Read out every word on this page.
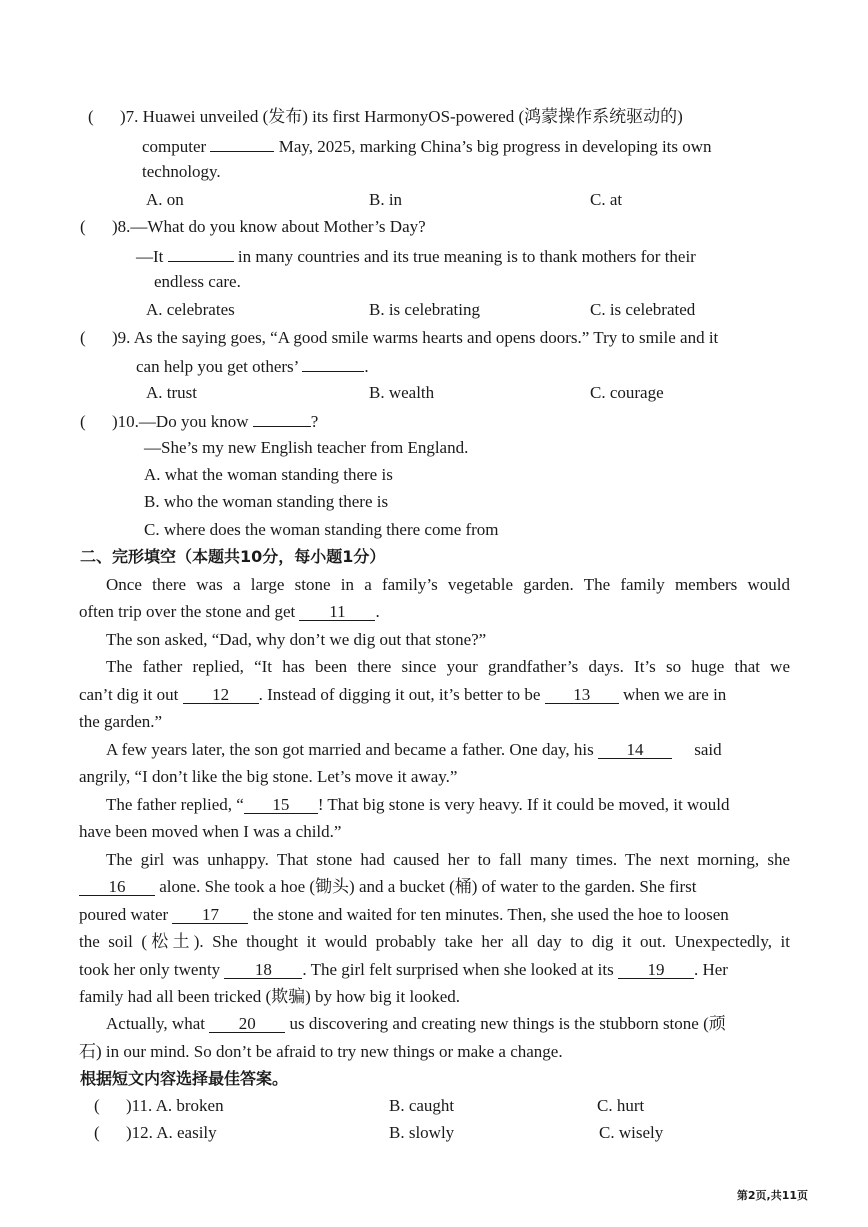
( )7. Huawei unveiled (发布) its first HarmonyOS-powered (鸿蒙操作系统驱动的)
computer	May, 2025, marking China’s big progress in developing its own
technology.
A. on	B. in	C. at
( )8.—What do you know about Mother’s Day?
—It	in many countries and its true meaning is to thank mothers for their
endless care.
A. celebrates	B. is celebrating	C. is celebrated
( )9. As the saying goes, “A good smile warms hearts and opens doors.” Try to smile and it
can help you get others’	.
A. trust	B. wealth	C. courage
( )10.—Do you know	?
—She’s my new English teacher from England.
A. what the woman standing there is
B. who the woman standing there is
C. where does the woman standing there come from
二、完形填空（本题共10分，每小题1分）
Once there was a large stone in a family’s vegetable garden. The family members would
often trip over the stone and get 11 .
The son asked, “Dad, why don’t we dig out that stone?”
The father replied, “It has been there since your grandfather’s days. It’s so huge that we
can’t dig it out 12 . Instead of digging it out, it’s better to be 13 when we are in
the garden.”
A few years later, the son got married and became a father. One day, his 14	said
angrily, “I don’t like the big stone. Let’s move it away.”
The father replied, “ 15 ! That big stone is very heavy. If it could be moved, it would
have been moved when I was a child.”
The girl was unhappy. That stone had caused her to fall many times. The next morning, she
16 alone. She took a hoe (锄头) and a bucket (桶) of water to the garden. She first
poured water 17 the stone and waited for ten minutes. Then, she used the hoe to loosen
the soil (松土). She thought it would probably take her all day to dig it out. Unexpectedly, it
took her only twenty 18 . The girl felt surprised when she looked at its 19 . Her
family had all been tricked (欺骗) by how big it looked.
Actually, what 20 us discovering and creating new things is the stubborn stone (顽
石) in our mind. So don’t be afraid to try new things or make a change.
根据短文内容选择最佳答案。
( )11. A. broken	B. caught	C. hurt
( )12. A. easily	B. slowly	C. wisely
第2页,共11页
